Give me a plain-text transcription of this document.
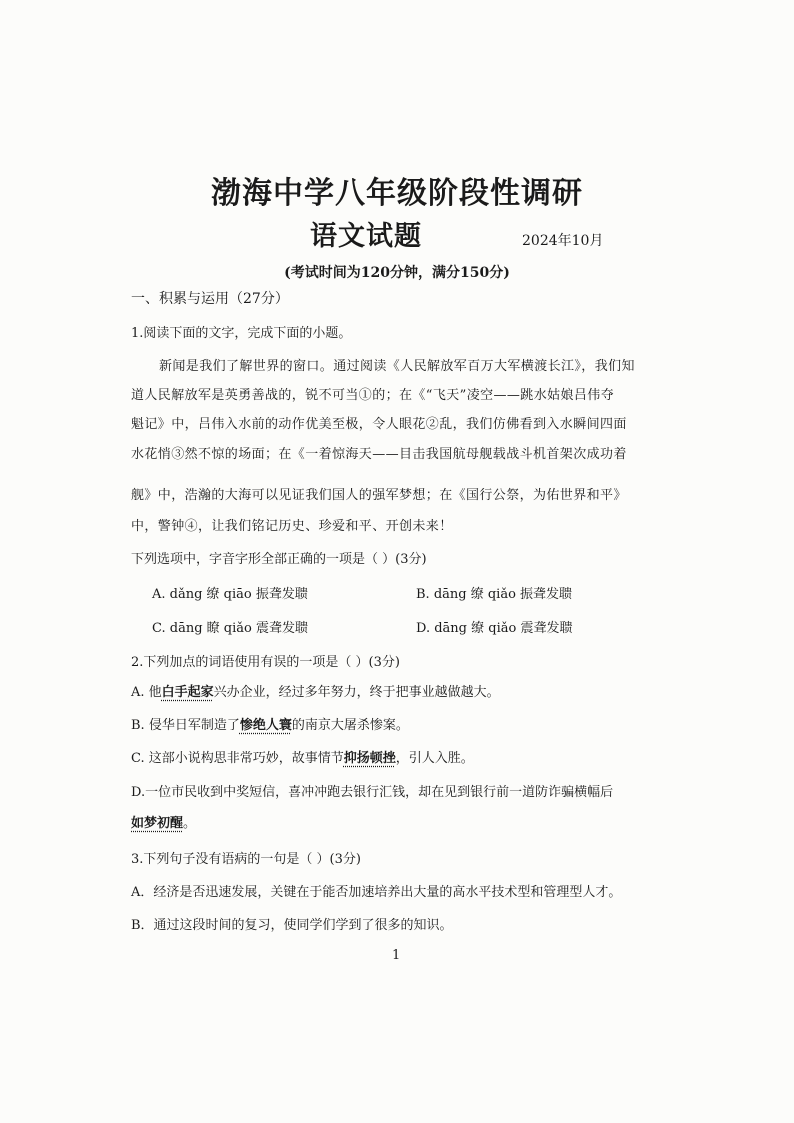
渤海中学八年级阶段性调研
语文试题	2024年10月
(考试时间为120分钟，满分150分)
一、积累与运用（27分）
1.阅读下面的文字，完成下面的小题。
新闻是我们了解世界的窗口。通过阅读《人民解放军百万大军横渡长江》，我们知
道人民解放军是英勇善战的，锐不可当①的；在《“飞天”凌空——跳水姑娘吕伟夺
魁记》中，吕伟入水前的动作优美至极，令人眼花②乱，我们仿佛看到入水瞬间四面
水花悄③然不惊的场面；在《一着惊海天——目击我国航母舰载战斗机首架次成功着
舰》中，浩瀚的大海可以见证我们国人的强军梦想；在《国行公祭，为佑世界和平》
中，警钟④，让我们铭记历史、珍爱和平、开创未来！
下列选项中，字音字形全部正确的一项是（ ）(3分)
A. dǎng 缭 qiāo 振聋发聩	B. dāng 缭 qiǎo 振聋发聩
C. dāng 瞭 qiǎo 震聋发聩	D. dāng 缭 qiǎo 震聋发聩
2.下列加点的词语使用有误的一项是（ ）(3分)
A. 他白手起家兴办企业，经过多年努力，终于把事业越做越大。
B. 侵华日军制造了惨绝人寰的南京大屠杀惨案。
C. 这部小说构思非常巧妙，故事情节抑扬顿挫，引人入胜。
D.一位市民收到中奖短信，喜冲冲跑去银行汇钱，却在见到银行前一道防诈骗横幅后
如梦初醒。
3.下列句子没有语病的一句是（ ）(3分)
A．经济是否迅速发展，关键在于能否加速培养出大量的高水平技术型和管理型人才。
B．通过这段时间的复习，使同学们学到了很多的知识。
1
